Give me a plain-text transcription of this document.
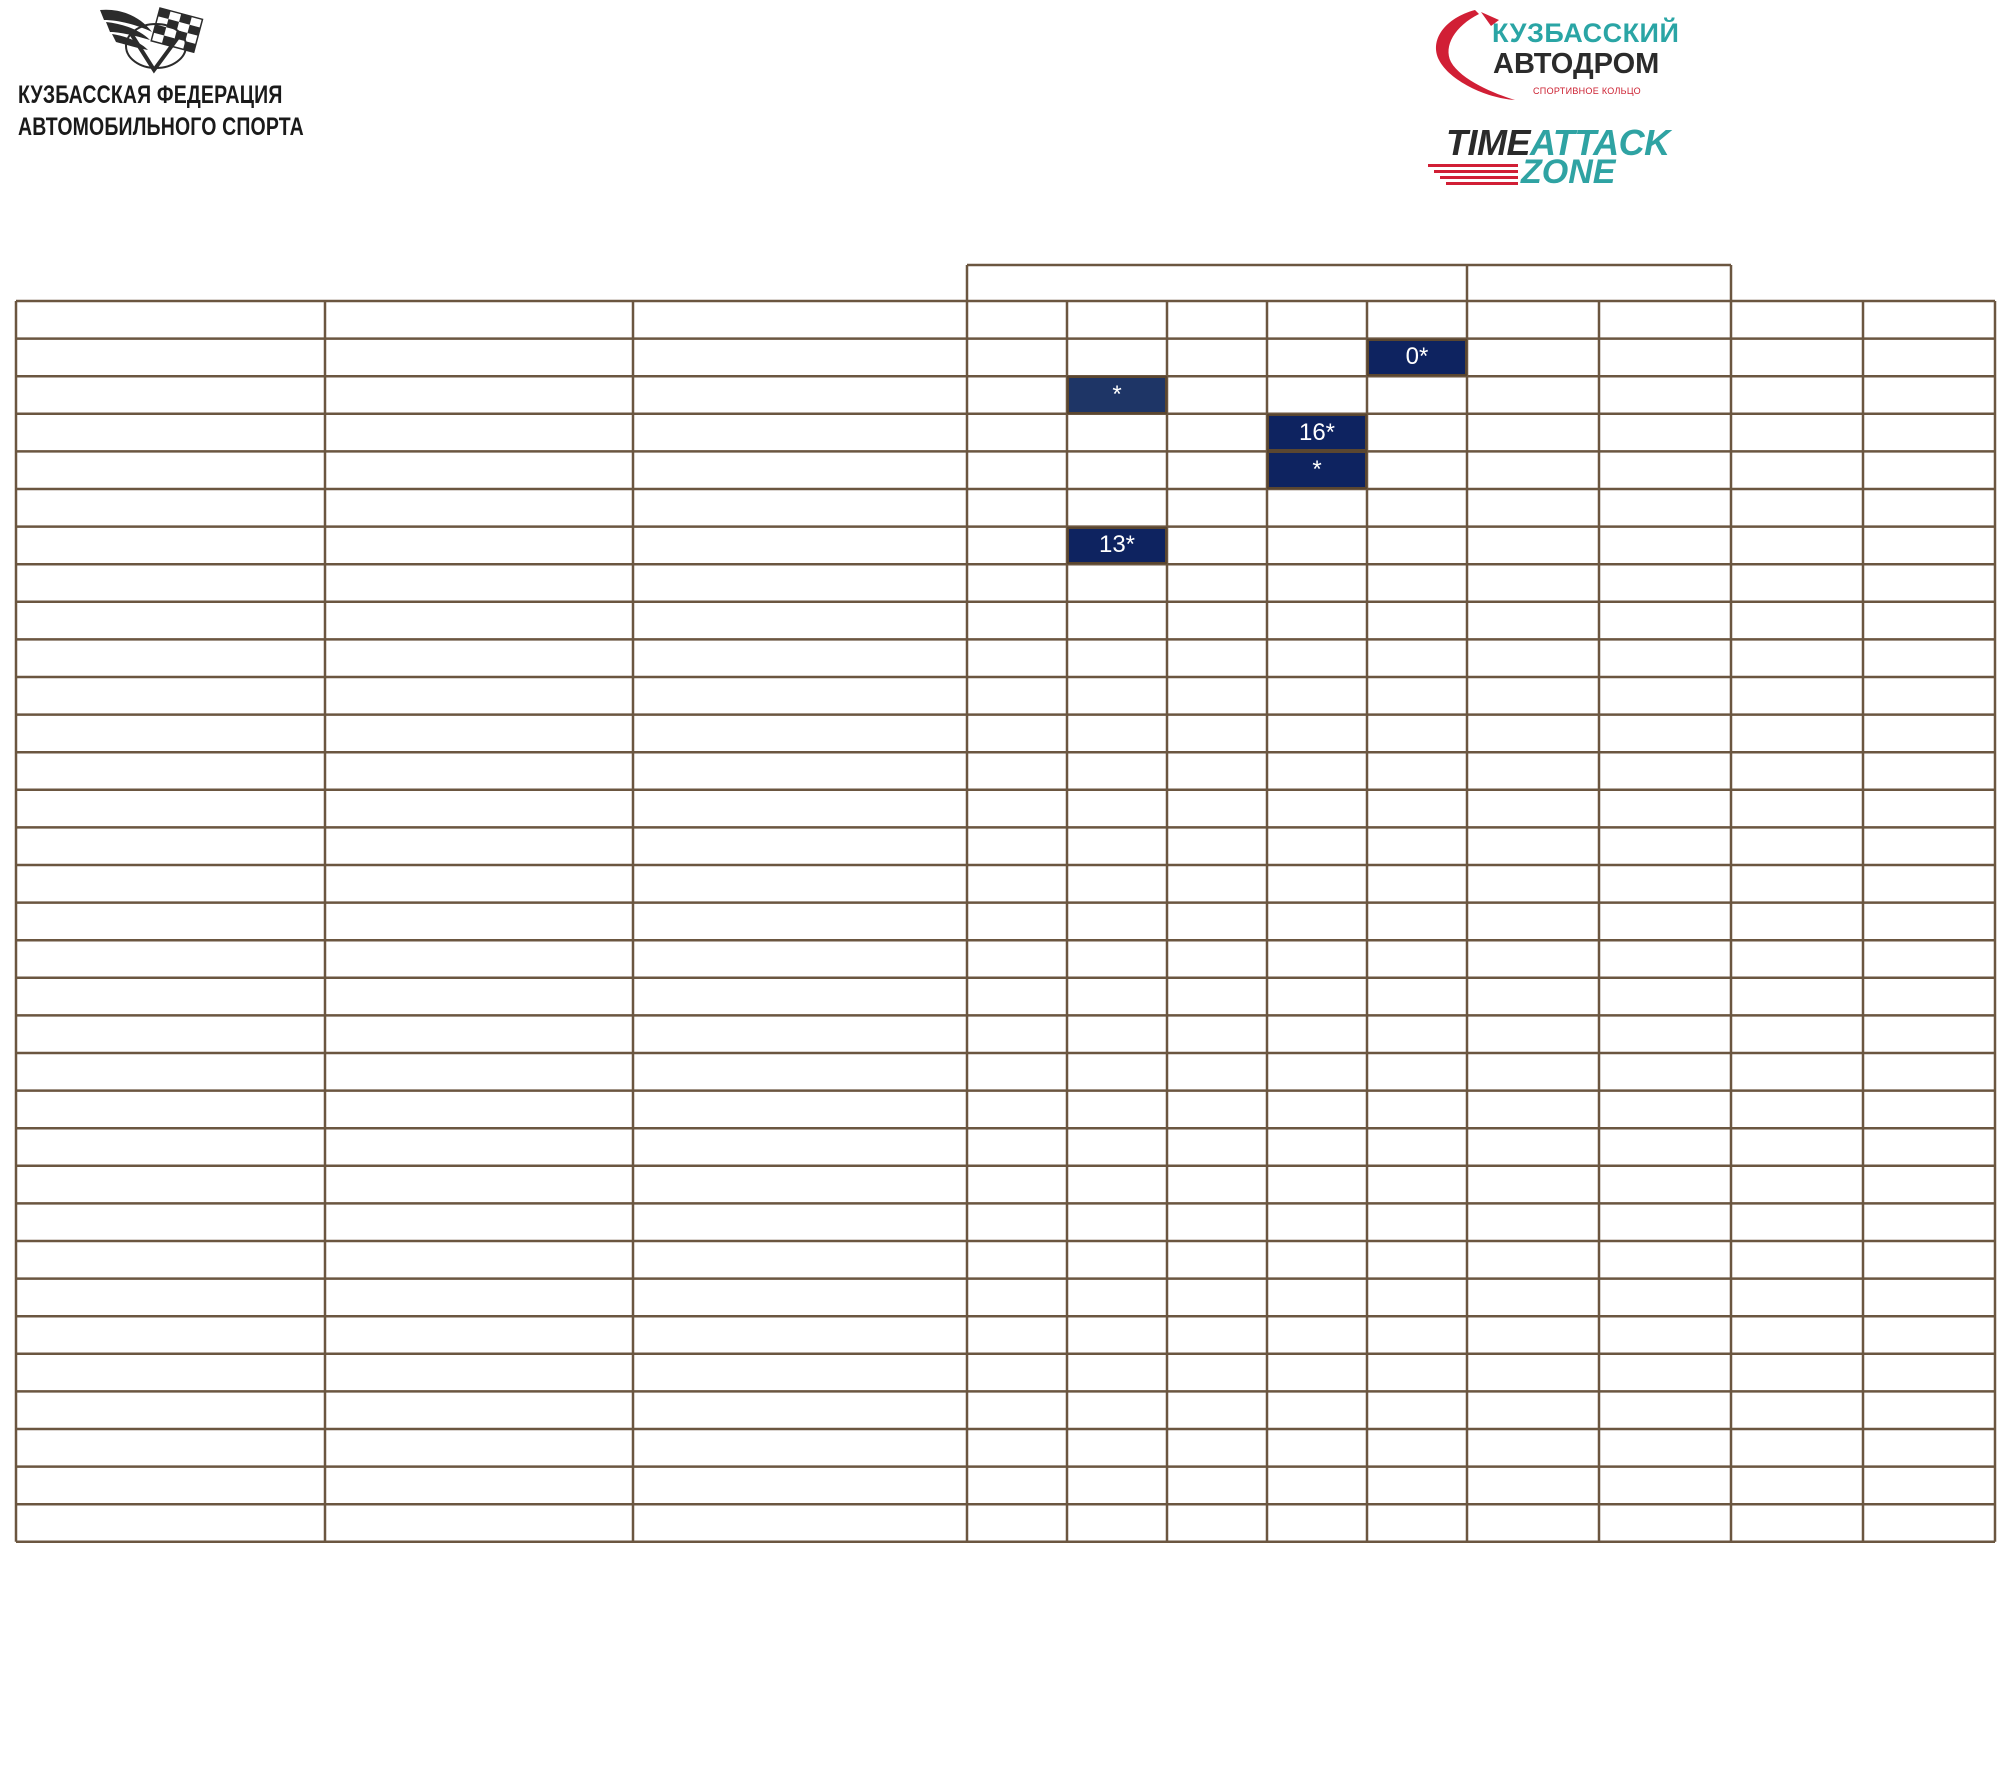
КУЗБАССКАЯ ФЕДЕРАЦИЯ
АВТОМОБИЛЬНОГО СПОРТА
КУЗБАССКИЙ
АВТОДРОМ
СПОРТИВНОЕ КОЛЬЦО
TIMEATTACK
ZONE
0*
*
16*
*
13*
